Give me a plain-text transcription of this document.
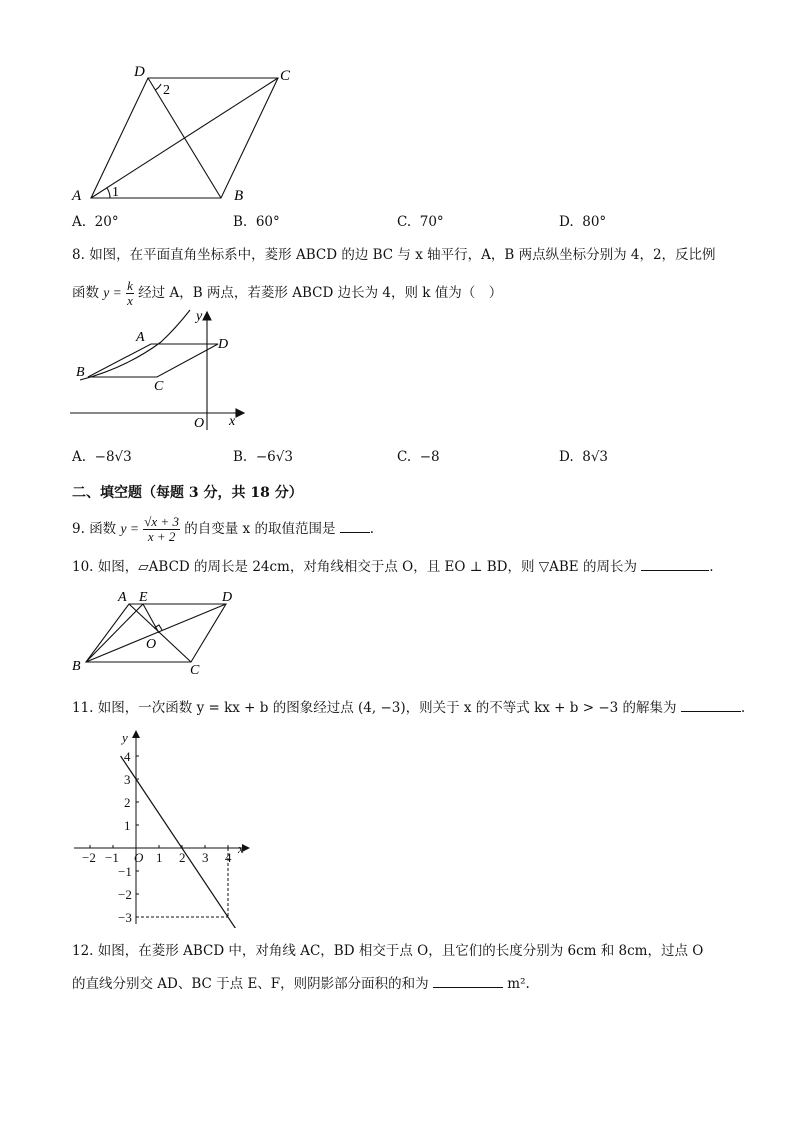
A	B
C
D
1
2
A. 20°	B. 60°	C. 70°	D. 80°
8. 如图，在平面直角坐标系中，菱形 ABCD 的边 BC 与 x 轴平行，A，B 两点纵坐标分别为 4，2，反比例
函数 $y = \frac{k}{x}$ 经过 A，B 两点，若菱形 ABCD 边长为 4，则 k 值为（　）
A
B
C
D
O x
y
A. −8√3	B. −6√3	C. −8	D. 8√3
二、填空题（每题 3 分，共 18 分）
9. 函数 $y = \frac{√x + 3}{x + 2}$ 的自变量 x 的取值范围是	.
10. 如图，▱ABCD 的周长是 24cm，对角线相交于点 O，且 EO ⊥ BD，则 ▽ABE 的周长为	.
A E	D
B	C
O
11. 如图，一次函数 y = kx + b 的图象经过点 (4, −3)，则关于 x 的不等式 kx + b > −3 的解集为	.
x
y
O
−2 −1	1 2 3 4
4
3
2
1
−1
−2
−3
12. 如图，在菱形 ABCD 中，对角线 AC，BD 相交于点 O，且它们的长度分别为 6cm 和 8cm，过点 O
的直线分别交 AD、BC 于点 E、F，则阴影部分面积的和为	m².
